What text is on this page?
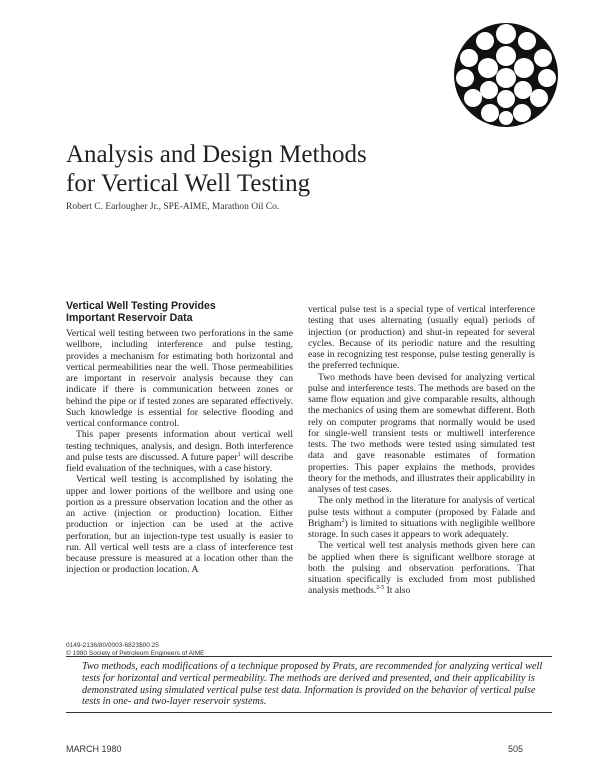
Analysis and Design Methods
for Vertical Well Testing
Robert C. Earlougher Jr., SPE-AIME, Marathon Oil Co.
Vertical Well Testing Provides
Important Reservoir Data

Vertical well testing between two perforations in the same wellbore, including interference and pulse testing, provides a mechanism for estimating both horizontal and vertical permeabilities near the well. Those permeabilities are important in reservoir analysis because they can indicate if there is communication between zones or behind the pipe or if tested zones are separated effectively. Such knowledge is essential for selective flooding and vertical conformance control.

This paper presents information about vertical well testing techniques, analysis, and design. Both interference and pulse tests are discussed. A future paper$^1$ will describe field evaluation of the techniques, with a case history.

Vertical well testing is accomplished by isolating the upper and lower portions of the wellbore and using one portion as a pressure observation location and the other as an active (injection or production) location. Either production or injection can be used at the active perforation, but an injection-type test usually is easier to run. All vertical well tests are a class of interference test because pressure is measured at a location other than the injection or production location. A

vertical pulse test is a special type of vertical interference testing that uses alternating (usually equal) periods of injection (or production) and shut-in repeated for several cycles. Because of its periodic nature and the resulting ease in recognizing test response, pulse testing generally is the preferred technique.

Two methods have been devised for analyzing vertical pulse and interference tests. The methods are based on the same flow equation and give comparable results, although the mechanics of using them are somewhat different. Both rely on computer programs that normally would be used for single-well transient tests or multiwell interference tests. The two methods were tested using simulated test data and gave reasonable estimates of formation properties. This paper explains the methods, provides theory for the methods, and illustrates their applicability in analyses of test cases.

The only method in the literature for analysis of vertical pulse tests without a computer (proposed by Falade and Brigham$^2$) is limited to situations with negligible wellbore storage. In such cases it appears to work adequately.

The vertical well test analysis methods given here can be applied when there is significant wellbore storage at both the pulsing and observation perforations. That situation specifically is excluded from most published analysis methods.$^{2-5}$ It also

0149-2136/80/0003-6823$00.25
© 1980 Society of Petroleum Engineers of AIME
Two methods, each modifications of a technique proposed by Prats, are recommended for analyzing vertical well tests for horizontal and vertical permeability. The methods are derived and presented, and their applicability is demonstrated using simulated vertical pulse test data. Information is provided on the behavior of vertical pulse tests in one- and two-layer reservoir systems.
MARCH 1980	505
